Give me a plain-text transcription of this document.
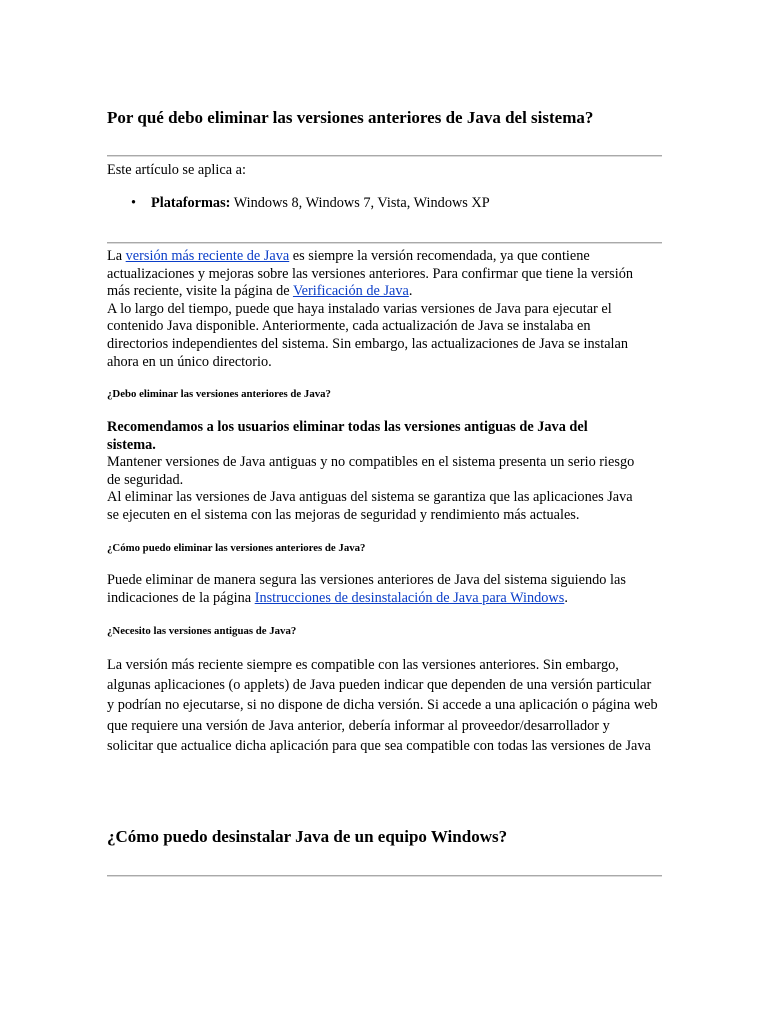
Por qué debo eliminar las versiones anteriores de Java del sistema?

Este artículo se aplica a:

• Plataformas: Windows 8, Windows 7, Vista, Windows XP

La versión más reciente de Java es siempre la versión recomendada, ya que contiene actualizaciones y mejoras sobre las versiones anteriores. Para confirmar que tiene la versión más reciente, visite la página de Verificación de Java.
A lo largo del tiempo, puede que haya instalado varias versiones de Java para ejecutar el contenido Java disponible. Anteriormente, cada actualización de Java se instalaba en directorios independientes del sistema. Sin embargo, las actualizaciones de Java se instalan ahora en un único directorio.

¿Debo eliminar las versiones anteriores de Java?

Recomendamos a los usuarios eliminar todas las versiones antiguas de Java del sistema.
Mantener versiones de Java antiguas y no compatibles en el sistema presenta un serio riesgo de seguridad.
Al eliminar las versiones de Java antiguas del sistema se garantiza que las aplicaciones Java se ejecuten en el sistema con las mejoras de seguridad y rendimiento más actuales.

¿Cómo puedo eliminar las versiones anteriores de Java?

Puede eliminar de manera segura las versiones anteriores de Java del sistema siguiendo las indicaciones de la página Instrucciones de desinstalación de Java para Windows.

¿Necesito las versiones antiguas de Java?

La versión más reciente siempre es compatible con las versiones anteriores. Sin embargo, algunas aplicaciones (o applets) de Java pueden indicar que dependen de una versión particular y podrían no ejecutarse, si no dispone de dicha versión. Si accede a una aplicación o página web que requiere una versión de Java anterior, debería informar al proveedor/desarrollador y solicitar que actualice dicha aplicación para que sea compatible con todas las versiones de Java

¿Cómo puedo desinstalar Java de un equipo Windows?
